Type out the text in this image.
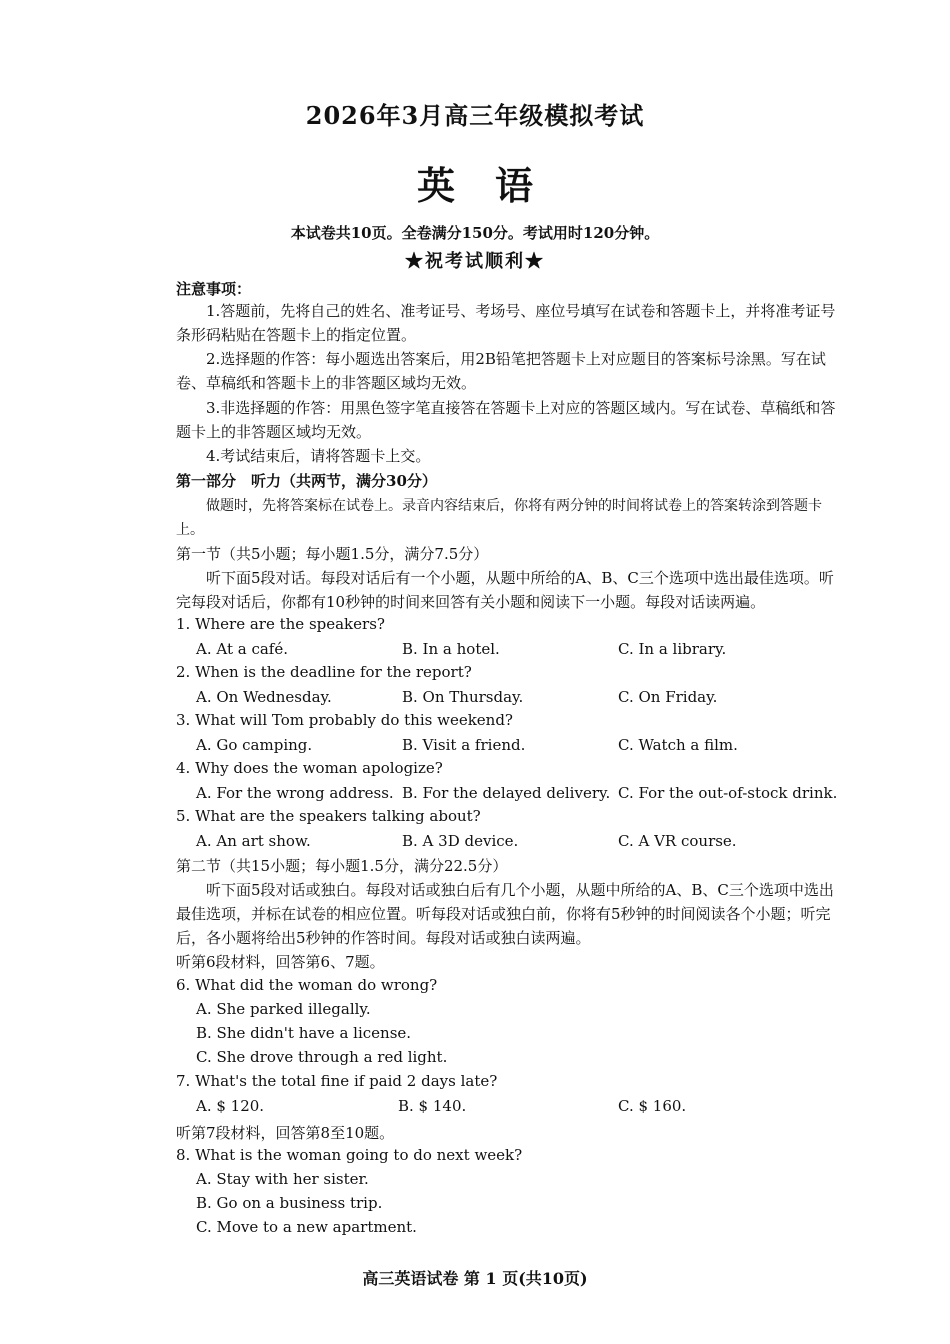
2026年3月高三年级模拟考试
英语
本试卷共10页。全卷满分150分。考试用时120分钟。
★祝考试顺利★
注意事项：
1.答题前，先将自己的姓名、准考证号、考场号、座位号填写在试卷和答题卡上，并将准考证号条形码粘贴在答题卡上的指定位置。
2.选择题的作答：每小题选出答案后，用2B铅笔把答题卡上对应题目的答案标号涂黑。写在试卷、草稿纸和答题卡上的非答题区域均无效。
3.非选择题的作答：用黑色签字笔直接答在答题卡上对应的答题区域内。写在试卷、草稿纸和答题卡上的非答题区域均无效。
4.考试结束后，请将答题卡上交。
第一部分　听力（共两节，满分30分）
做题时，先将答案标在试卷上。录音内容结束后，你将有两分钟的时间将试卷上的答案转涂到答题卡上。
第一节（共5小题；每小题1.5分，满分7.5分）
听下面5段对话。每段对话后有一个小题，从题中所给的A、B、C三个选项中选出最佳选项。听完每段对话后，你都有10秒钟的时间来回答有关小题和阅读下一小题。每段对话读两遍。
1. Where are the speakers?
A. At a café.	B. In a hotel.	C. In a library.
2. When is the deadline for the report?
A. On Wednesday.	B. On Thursday.	C. On Friday.
3. What will Tom probably do this weekend?
A. Go camping.	B. Visit a friend.	C. Watch a film.
4. Why does the woman apologize?
A. For the wrong address. B. For the delayed delivery. C. For the out-of-stock drink.
5. What are the speakers talking about?
A. An art show.	B. A 3D device.	C. A VR course.
第二节（共15小题；每小题1.5分，满分22.5分）
听下面5段对话或独白。每段对话或独白后有几个小题，从题中所给的A、B、C三个选项中选出最佳选项，并标在试卷的相应位置。听每段对话或独白前，你将有5秒钟的时间阅读各个小题；听完后，各小题将给出5秒钟的作答时间。每段对话或独白读两遍。
听第6段材料，回答第6、7题。
6. What did the woman do wrong?
A. She parked illegally.
B. She didn't have a license.
C. She drove through a red light.
7. What's the total fine if paid 2 days late?
A. $ 120.	B. $ 140.	C. $ 160.
听第7段材料，回答第8至10题。
8. What is the woman going to do next week?
A. Stay with her sister.
B. Go on a business trip.
C. Move to a new apartment.
高三英语试卷 第 1 页(共10页)
